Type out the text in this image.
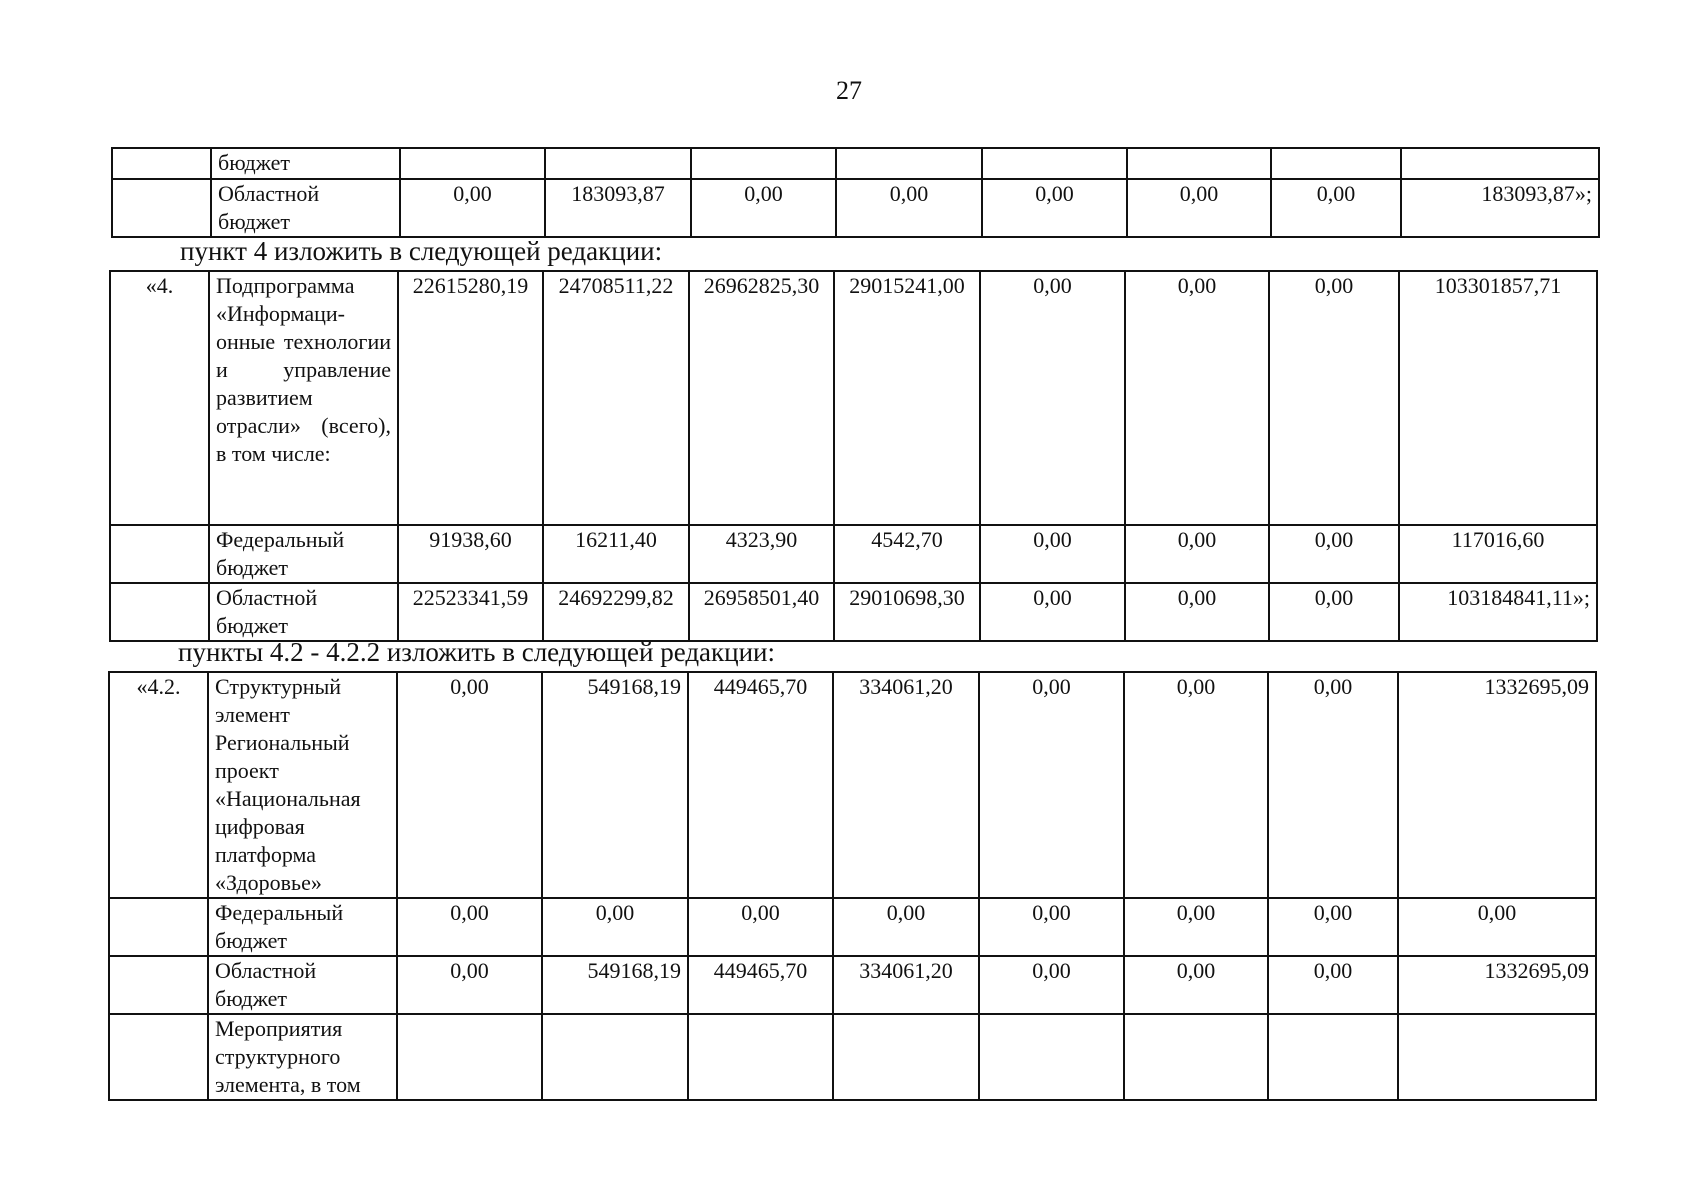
27
	бюджет								
	Областной бюджет	0,00	183093,87	0,00	0,00	0,00	0,00	0,00	183093,87»;
пункт 4 изложить в следующей редакции:
«4.	Подпрограмма «Информаци-онные технологии и управление развитием отрасли» (всего), в том числе:	22615280,19	24708511,22	26962825,30	29015241,00	0,00	0,00	0,00	103301857,71
	Федеральный бюджет	91938,60	16211,40	4323,90	4542,70	0,00	0,00	0,00	117016,60
	Областной бюджет	22523341,59	24692299,82	26958501,40	29010698,30	0,00	0,00	0,00	103184841,11»;
пункты 4.2 - 4.2.2 изложить в следующей редакции:
«4.2.	Структурный элемент Региональный проект «Национальная цифровая платформа «Здоровье»	0,00	549168,19	449465,70	334061,20	0,00	0,00	0,00	1332695,09
	Федеральный бюджет	0,00	0,00	0,00	0,00	0,00	0,00	0,00	0,00
	Областной бюджет	0,00	549168,19	449465,70	334061,20	0,00	0,00	0,00	1332695,09
	Мероприятия структурного элемента, в том								
